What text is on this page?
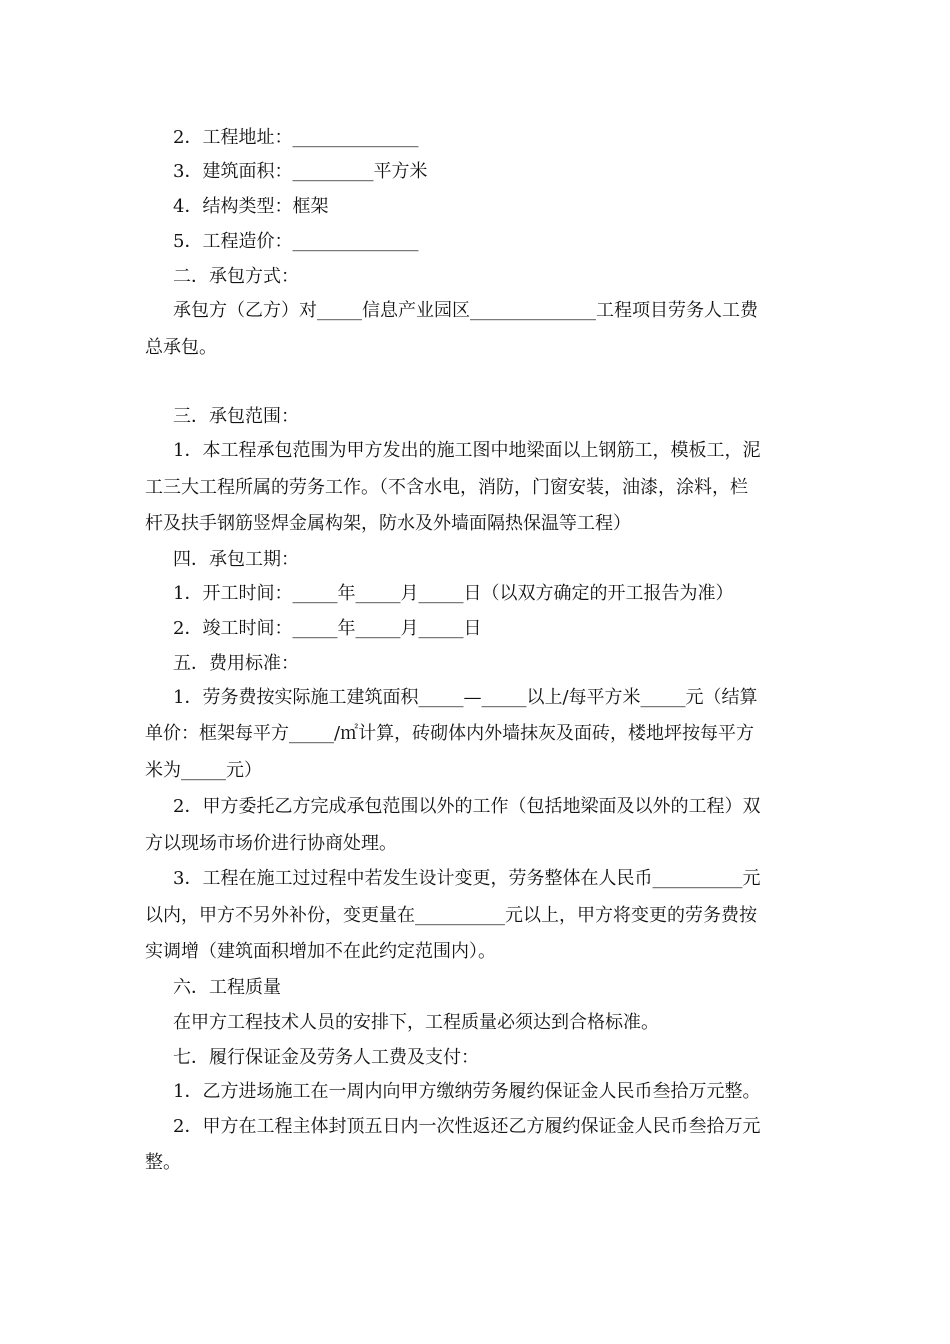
2．工程地址：______________
3．建筑面积：_________平方米
4．结构类型：框架
5．工程造价：______________
二．承包方式：
承包方（乙方）对_____信息产业园区______________工程项目劳务人工费
总承包。
三．承包范围：
1．本工程承包范围为甲方发出的施工图中地梁面以上钢筋工，模板工，泥
工三大工程所属的劳务工作。（不含水电，消防，门窗安装，油漆，涂料，栏
杆及扶手钢筋竖焊金属构架，防水及外墙面隔热保温等工程）
四．承包工期：
1．开工时间：_____年_____月_____日（以双方确定的开工报告为准）
2．竣工时间：_____年_____月_____日
五．费用标准：
1．劳务费按实际施工建筑面积_____—_____以上/每平方米_____元（结算
单价：框架每平方_____/㎡计算，砖砌体内外墙抹灰及面砖，楼地坪按每平方
米为_____元）
2．甲方委托乙方完成承包范围以外的工作（包括地梁面及以外的工程）双
方以现场市场价进行协商处理。
3．工程在施工过过程中若发生设计变更，劳务整体在人民币__________元
以内，甲方不另外补份，变更量在__________元以上，甲方将变更的劳务费按
实调增（建筑面积增加不在此约定范围内）。
六．工程质量
在甲方工程技术人员的安排下，工程质量必须达到合格标准。
七．履行保证金及劳务人工费及支付：
1．乙方进场施工在一周内向甲方缴纳劳务履约保证金人民币叁拾万元整。
2．甲方在工程主体封顶五日内一次性返还乙方履约保证金人民币叁拾万元
整。
